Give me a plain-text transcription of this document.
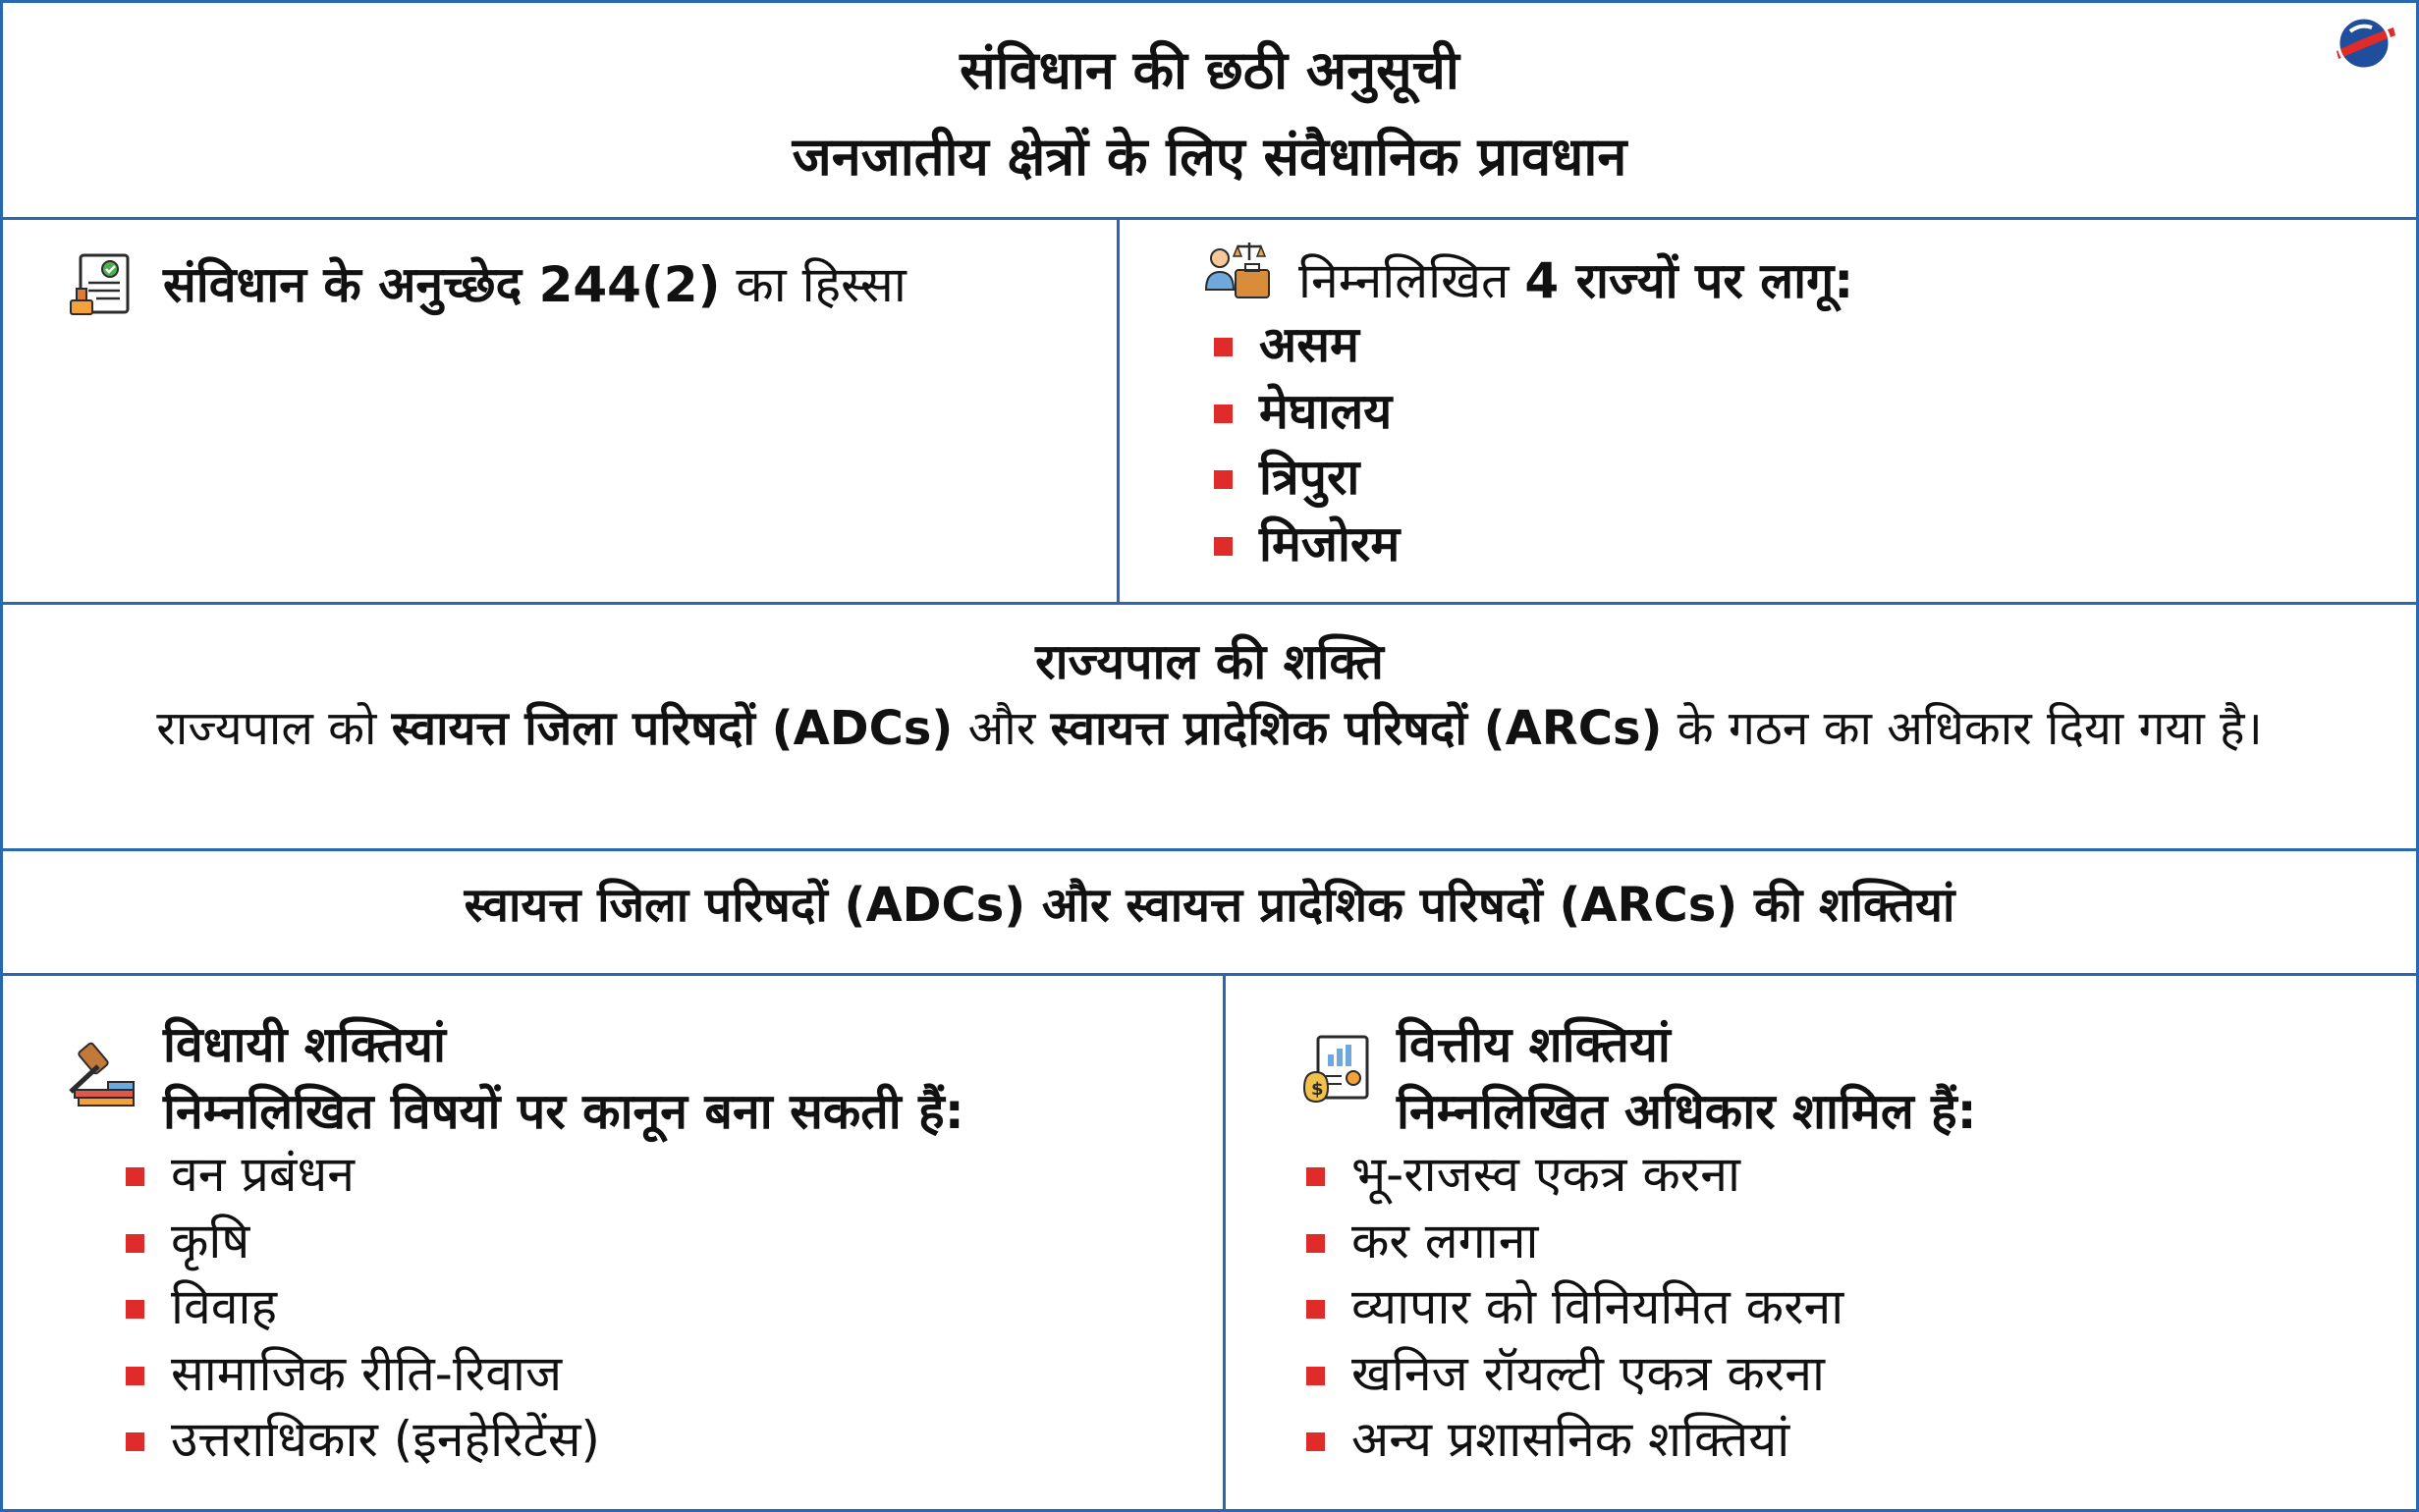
संविधान की छठी अनुसूची
जनजातीय क्षेत्रों के लिए संवैधानिक प्रावधान
संविधान के अनुच्छेद 244(2) का हिस्सा	निम्नलिखित 4 राज्यों पर लागू:
असम
मेघालय
त्रिपुरा
मिजोरम
राज्यपाल की शक्ति
राज्यपाल को स्वायत्त जिला परिषदों (ADCs) और स्वायत्त प्रादेशिक परिषदों (ARCs) के गठन का अधिकार दिया गया है।
स्वायत्त जिला परिषदों (ADCs) और स्वायत्त प्रादेशिक परिषदों (ARCs) की शक्तियां
विधायी शक्तियां
निम्नलिखित विषयों पर कानून बना सकती हैं:
वन प्रबंधन
कृषि
विवाह
सामाजिक रीति-रिवाज
उत्तराधिकार (इनहेरिटेंस)
$
वित्तीय शक्तियां
निम्नलिखित अधिकार शामिल हैं:
भू-राजस्व एकत्र करना
कर लगाना
व्यापार को विनियमित करना
खनिज रॉयल्टी एकत्र करना
अन्य प्रशासनिक शक्तियां
